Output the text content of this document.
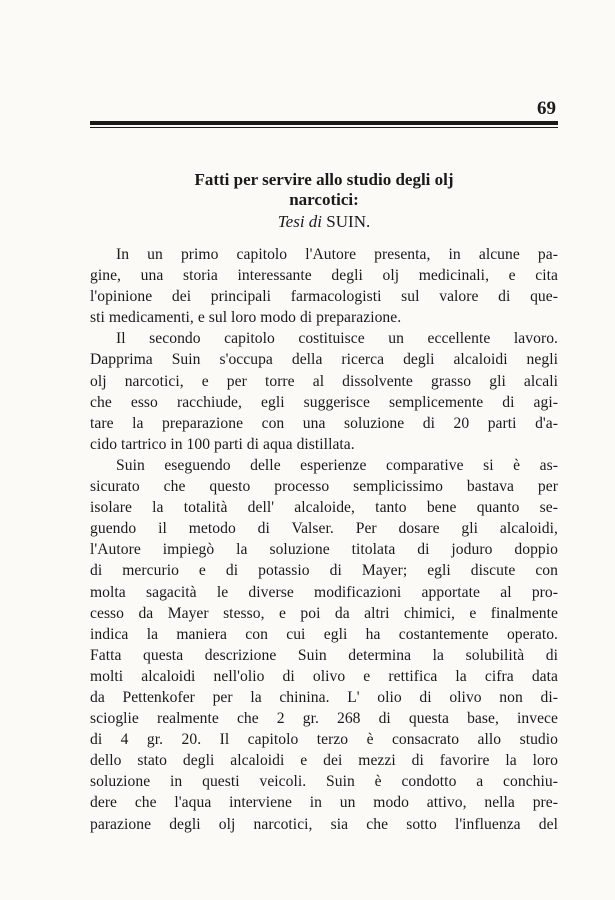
69
Fatti per servire allo studio degli olj
narcotici:
Tesi di SUIN.
In un primo capitolo l'Autore presenta, in alcune pa-
gine, una storia interessante degli olj medicinali, e cita
l'opinione dei principali farmacologisti sul valore di que-
sti medicamenti, e sul loro modo di preparazione.
Il secondo capitolo costituisce un eccellente lavoro.
Dapprima Suin s'occupa della ricerca degli alcaloidi negli
olj narcotici, e per torre al dissolvente grasso gli alcali
che esso racchiude, egli suggerisce semplicemente di agi-
tare la preparazione con una soluzione di 20 parti d'a-
cido tartrico in 100 parti di aqua distillata.
Suin eseguendo delle esperienze comparative si è as-
sicurato che questo processo semplicissimo bastava per
isolare la totalità dell' alcaloide, tanto bene quanto se-
guendo il metodo di Valser. Per dosare gli alcaloidi,
l'Autore impiegò la soluzione titolata di joduro doppio
di mercurio e di potassio di Mayer; egli discute con
molta sagacità le diverse modificazioni apportate al pro-
cesso da Mayer stesso, e poi da altri chimici, e finalmente
indica la maniera con cui egli ha costantemente operato.
Fatta questa descrizione Suin determina la solubilità di
molti alcaloidi nell'olio di olivo e rettifica la cifra data
da Pettenkofer per la chinina. L' olio di olivo non di-
scioglie realmente che 2 gr. 268 di questa base, invece
di 4 gr. 20. Il capitolo terzo è consacrato allo studio
dello stato degli alcaloidi e dei mezzi di favorire la loro
soluzione in questi veicoli. Suin è condotto a conchiu-
dere che l'aqua interviene in un modo attivo, nella pre-
parazione degli olj narcotici, sia che sotto l'influenza del
